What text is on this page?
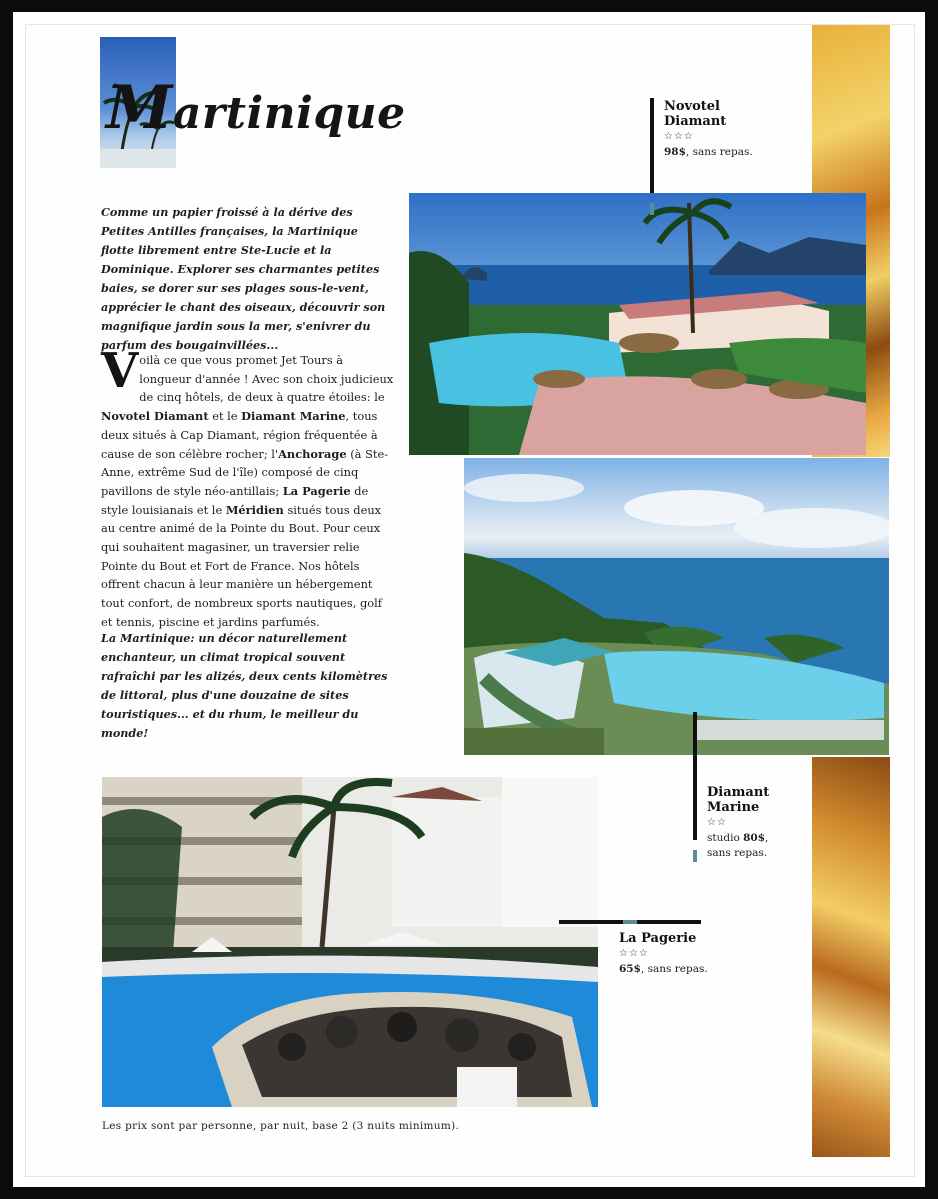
Martinique
Comme un papier froissé à la dérive des Petites Antilles françaises, la Martinique flotte librement entre Ste-Lucie et la Dominique. Explorer ses charmantes petites baies, se dorer sur ses plages sous-le-vent, apprécier le chant des oiseaux, découvrir son magnifique jardin sous la mer, s'enivrer du parfum des bougainvillées...
Voilà ce que vous promet Jet Tours à longueur d'année ! Avec son choix judicieux de cinq hôtels, de deux à quatre étoiles: le Novotel Diamant et le Diamant Marine, tous deux situés à Cap Diamant, région fréquentée à cause de son célèbre rocher; l'Anchorage (à Ste-Anne, extrême Sud de l'île) composé de cinq pavillons de style néo-antillais; La Pagerie de style louisianais et le Méridien situés tous deux au centre animé de la Pointe du Bout. Pour ceux qui souhaitent magasiner, un traversier relie Pointe du Bout et Fort de France. Nos hôtels offrent chacun à leur manière un hébergement tout confort, de nombreux sports nautiques, golf et tennis, piscine et jardins parfumés.
La Martinique: un décor naturellement enchanteur, un climat tropical souvent rafraîchi par les alizés, deux cents kilomètres de littoral, plus d'une douzaine de sites touristiques... et du rhum, le meilleur du monde!
Novotel
Diamant
☆☆☆
98$, sans repas.
Diamant
Marine
☆☆
studio 80$,
sans repas.
La Pagerie
☆☆☆
65$, sans repas.
Les prix sont par personne, par nuit, base 2 (3 nuits minimum).
